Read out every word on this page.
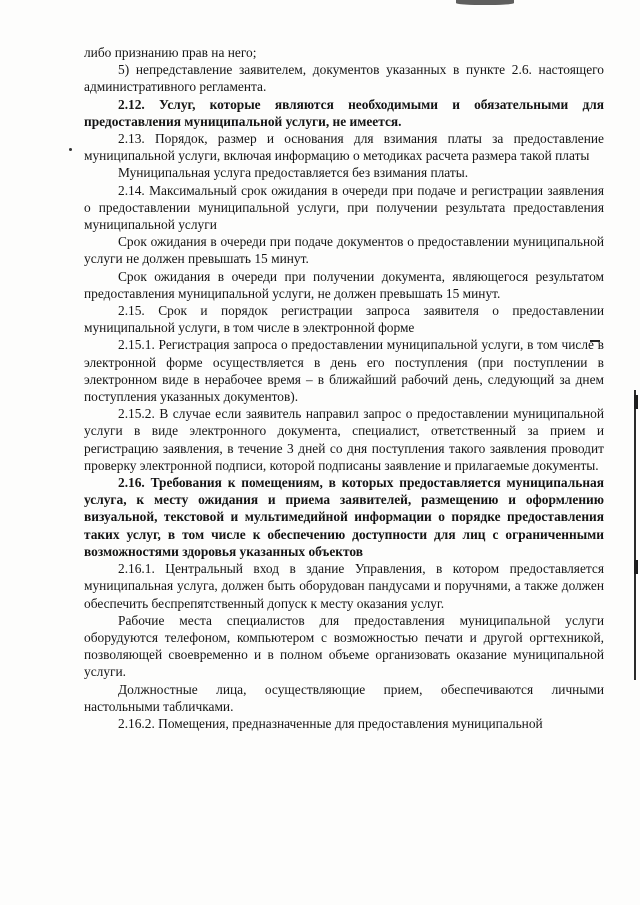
либо признанию прав на него;

5) непредставление заявителем, документов указанных в пункте 2.6. настоящего административного регламента.

2.12. Услуг, которые являются необходимыми и обязательными для предоставления муниципальной услуги, не имеется.

2.13. Порядок, размер и основания для взимания платы за предоставление муниципальной услуги, включая информацию о методиках расчета размера такой платы

Муниципальная услуга предоставляется без взимания платы.

2.14. Максимальный срок ожидания в очереди при подаче и регистрации заявления о предоставлении муниципальной услуги, при получении результата предоставления муниципальной услуги

Срок ожидания в очереди при подаче документов о предоставлении муниципальной услуги не должен превышать 15 минут.

Срок ожидания в очереди при получении документа, являющегося результатом предоставления муниципальной услуги, не должен превышать 15 минут.

2.15. Срок и порядок регистрации запроса заявителя о предоставлении муниципальной услуги, в том числе в электронной форме

2.15.1. Регистрация запроса о предоставлении муниципальной услуги, в том числе в электронной форме осуществляется в день его поступления (при поступлении в электронном виде в нерабочее время – в ближайший рабочий день, следующий за днем поступления указанных документов).

2.15.2. В случае если заявитель направил запрос о предоставлении муниципальной услуги в виде электронного документа, специалист, ответственный за прием и регистрацию заявления, в течение 3 дней со дня поступления такого заявления проводит проверку электронной подписи, которой подписаны заявление и прилагаемые документы.

2.16. Требования к помещениям, в которых предоставляется муниципальная услуга, к месту ожидания и приема заявителей, размещению и оформлению визуальной, текстовой и мультимедийной информации о порядке предоставления таких услуг, в том числе к обеспечению доступности для лиц с ограниченными возможностями здоровья указанных объектов

2.16.1. Центральный вход в здание Управления, в котором предоставляется муниципальная услуга, должен быть оборудован пандусами и поручнями, а также должен обеспечить беспрепятственный допуск к месту оказания услуг.

Рабочие места специалистов для предоставления муниципальной услуги оборудуются телефоном, компьютером с возможностью печати и другой оргтехникой, позволяющей своевременно и в полном объеме организовать оказание муниципальной услуги.

Должностные лица, осуществляющие прием, обеспечиваются личными настольными табличками.

2.16.2. Помещения, предназначенные для предоставления муниципальной
